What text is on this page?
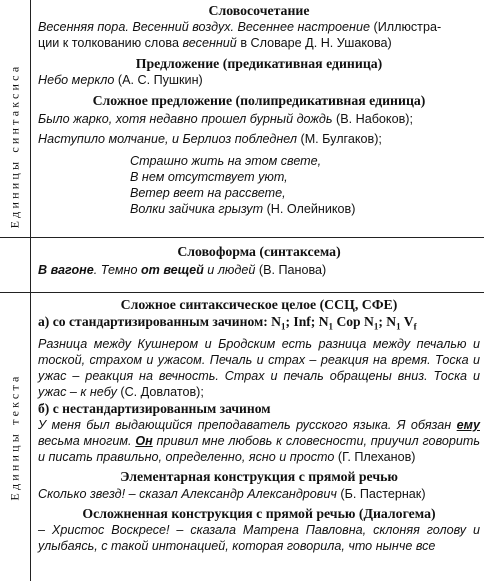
Единицы синтаксиса
Единицы текста
Словосочетание

Весенняя пора. Весенний воздух. Весеннее настроение (Иллюстра-
ции к толкованию слова весенний в Словаре Д. Н. Ушакова)

Предложение (предикативная единица)

Небо меркло (А. С. Пушкин)

Сложное предложение (полипредикативная единица)

Было жарко, хотя недавно прошел бурный дождь (В. Набоков);

Наступило молчание, и Берлиоз побледнел (М. Булгаков);

Страшно жить на этом свете,
В нем отсутствует уют,
Ветер веет на рассвете,
Волки зайчика грызут (Н. Олейников)
Словоформа (синтаксема)

В вагоне. Темно от вещей и людей (В. Панова)

Сложное синтаксическое целое (ССЦ, СФЕ)
а) со стандартизированным зачином: $N_1$; Inf; $N_1$ Cop $N_1$; $N_1$ $V_f$

Разница между Кушнером и Бродским есть разница между печалью и тоской, страхом и ужасом. Печаль и страх – реакция на время. Тоска и ужас – реакция на вечность. Страх и печаль обращены вниз. Тоска и ужас – к небу (С. Довлатов);

б) с нестандартизированным зачином

У меня был выдающийся преподаватель русского языка. Я обязан ему весьма многим. Он привил мне любовь к словесности, приучил говорить и писать правильно, определенно, ясно и просто (Г. Плеханов)

Элементарная конструкция с прямой речью

Сколько звезд! – сказал Александр Александрович (Б. Пастернак)

Осложненная конструкция с прямой речью (Диалогема)

– Христос Воскресе! – сказала Матрена Павловна, склоняя голову и улыбаясь, с такой интонацией, которая говорила, что нынче все
